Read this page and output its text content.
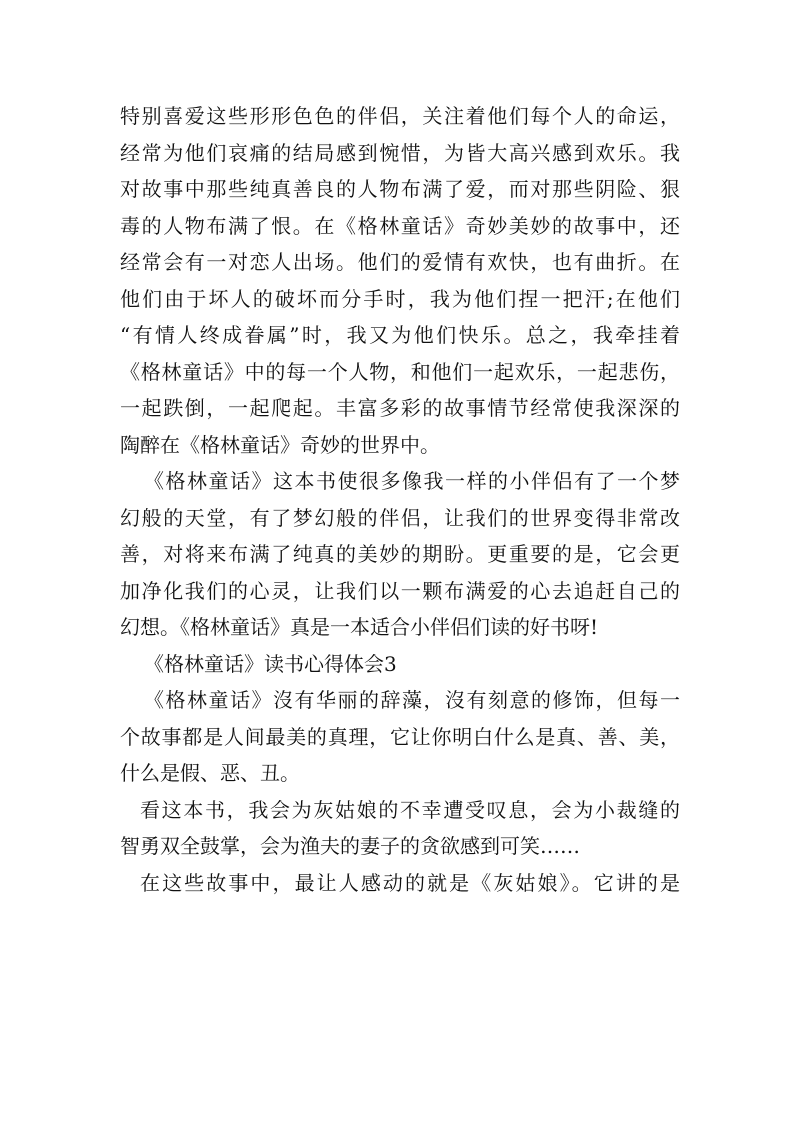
特别喜爱这些形形色色的伴侣，关注着他们每个人的命运，
经常为他们哀痛的结局感到惋惜，为皆大高兴感到欢乐。我
对故事中那些纯真善良的人物布满了爱，而对那些阴险、狠
毒的人物布满了恨。在《格林童话》奇妙美妙的故事中，还
经常会有一对恋人出场。他们的爱情有欢快，也有曲折。在
他们由于坏人的破坏而分手时，我为他们捏一把汗;在他们
“有情人终成眷属”时，我又为他们快乐。总之，我牵挂着
《格林童话》中的每一个人物，和他们一起欢乐，一起悲伤，
一起跌倒，一起爬起。丰富多彩的故事情节经常使我深深的
陶醉在《格林童话》奇妙的世界中。
《格林童话》这本书使很多像我一样的小伴侣有了一个梦
幻般的天堂，有了梦幻般的伴侣，让我们的世界变得非常改
善，对将来布满了纯真的美妙的期盼。更重要的是，它会更
加净化我们的心灵，让我们以一颗布满爱的心去追赶自己的
幻想。《格林童话》真是一本适合小伴侣们读的好书呀!
《格林童话》读书心得体会3
《格林童话》沒有华丽的辞藻，沒有刻意的修饰，但每一
个故事都是人间最美的真理，它让你明白什么是真、善、美，
什么是假、恶、丑。
看这本书，我会为灰姑娘的不幸遭受叹息，会为小裁缝的
智勇双全鼓掌，会为渔夫的妻子的贪欲感到可笑……
在这些故事中，最让人感动的就是《灰姑娘》。它讲的是
